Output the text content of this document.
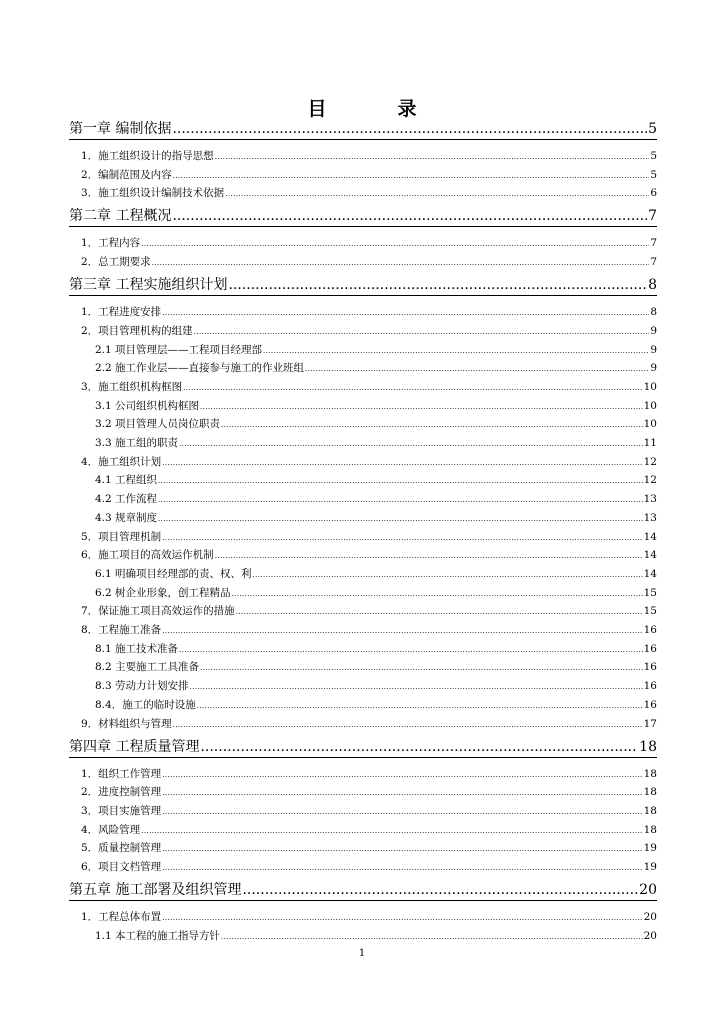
目　录
第一章 编制依据 .....	5
1．施工组织设计的指导思想 .....	5
2．编制范围及内容 .....	5
3．施工组织设计编制技术依据 .....	6
第二章 工程概况 .....	7
1．工程内容 .....	7
2．总工期要求 .....	7
第三章 工程实施组织计划 .....	8
1．工程进度安排 .....	8
2．项目管理机构的组建 .....	9
2.1 项目管理层——工程项目经理部 .....	9
2.2 施工作业层——直接参与施工的作业班组 .....	9
3．施工组织机构框图 .....	10
3.1 公司组织机构框图 .....	10
3.2 项目管理人员岗位职责 .....	10
3.3 施工组的职责 .....	11
4．施工组织计划 .....	12
4.1 工程组织 .....	12
4.2 工作流程 .....	13
4.3 规章制度 .....	13
5．项目管理机制 .....	14
6．施工项目的高效运作机制 .....	14
6.1 明确项目经理部的责、权、利 .....	14
6.2 树企业形象，创工程精品 .....	15
7．保证施工项目高效运作的措施 .....	15
8．工程施工准备 .....	16
8.1 施工技术准备 .....	16
8.2 主要施工工具准备 .....	16
8.3 劳动力计划安排 .....	16
8.4．施工的临时设施 .....	16
9．材料组织与管理 .....	17
第四章 工程质量管理 .....	18
1．组织工作管理 .....	18
2．进度控制管理 .....	18
3．项目实施管理 .....	18
4．风险管理 .....	18
5．质量控制管理 .....	19
6．项目文档管理 .....	19
第五章 施工部署及组织管理 .....	20
1．工程总体布置 .....	20
1.1 本工程的施工指导方针 .....	20
1
